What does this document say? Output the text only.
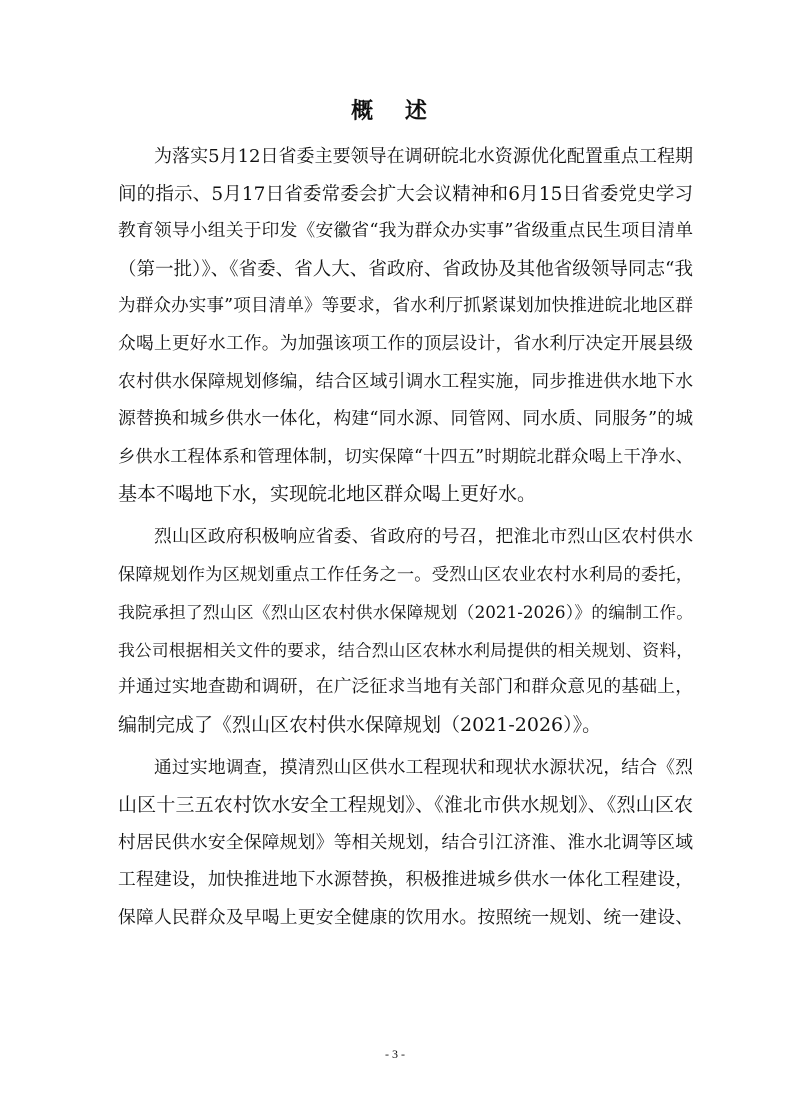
概 述
　　为落实5月12日省委主要领导在调研皖北水资源优化配置重点工程期
间的指示、5月17日省委常委会扩大会议精神和6月15日省委党史学习
教育领导小组关于印发《安徽省“我为群众办实事”省级重点民生项目清单
（第一批）》、《省委、省人大、省政府、省政协及其他省级领导同志“我
为群众办实事”项目清单》等要求，省水利厅抓紧谋划加快推进皖北地区群
众喝上更好水工作。为加强该项工作的顶层设计，省水利厅决定开展县级
农村供水保障规划修编，结合区域引调水工程实施，同步推进供水地下水
源替换和城乡供水一体化，构建“同水源、同管网、同水质、同服务”的城
乡供水工程体系和管理体制，切实保障“十四五”时期皖北群众喝上干净水、
基本不喝地下水，实现皖北地区群众喝上更好水。
　　烈山区政府积极响应省委、省政府的号召，把淮北市烈山区农村供水
保障规划作为区规划重点工作任务之一。受烈山区农业农村水利局的委托，
我院承担了烈山区《烈山区农村供水保障规划（2021-2026）》的编制工作。
我公司根据相关文件的要求，结合烈山区农林水利局提供的相关规划、资料，
并通过实地查勘和调研，在广泛征求当地有关部门和群众意见的基础上，
编制完成了《烈山区农村供水保障规划（2021-2026）》。
　　通过实地调查，摸清烈山区供水工程现状和现状水源状况，结合《烈
山区十三五农村饮水安全工程规划》、《淮北市供水规划》、《烈山区农
村居民供水安全保障规划》等相关规划，结合引江济淮、淮水北调等区域
工程建设，加快推进地下水源替换，积极推进城乡供水一体化工程建设，
保障人民群众及早喝上更安全健康的饮用水。按照统一规划、统一建设、
- 3 -
